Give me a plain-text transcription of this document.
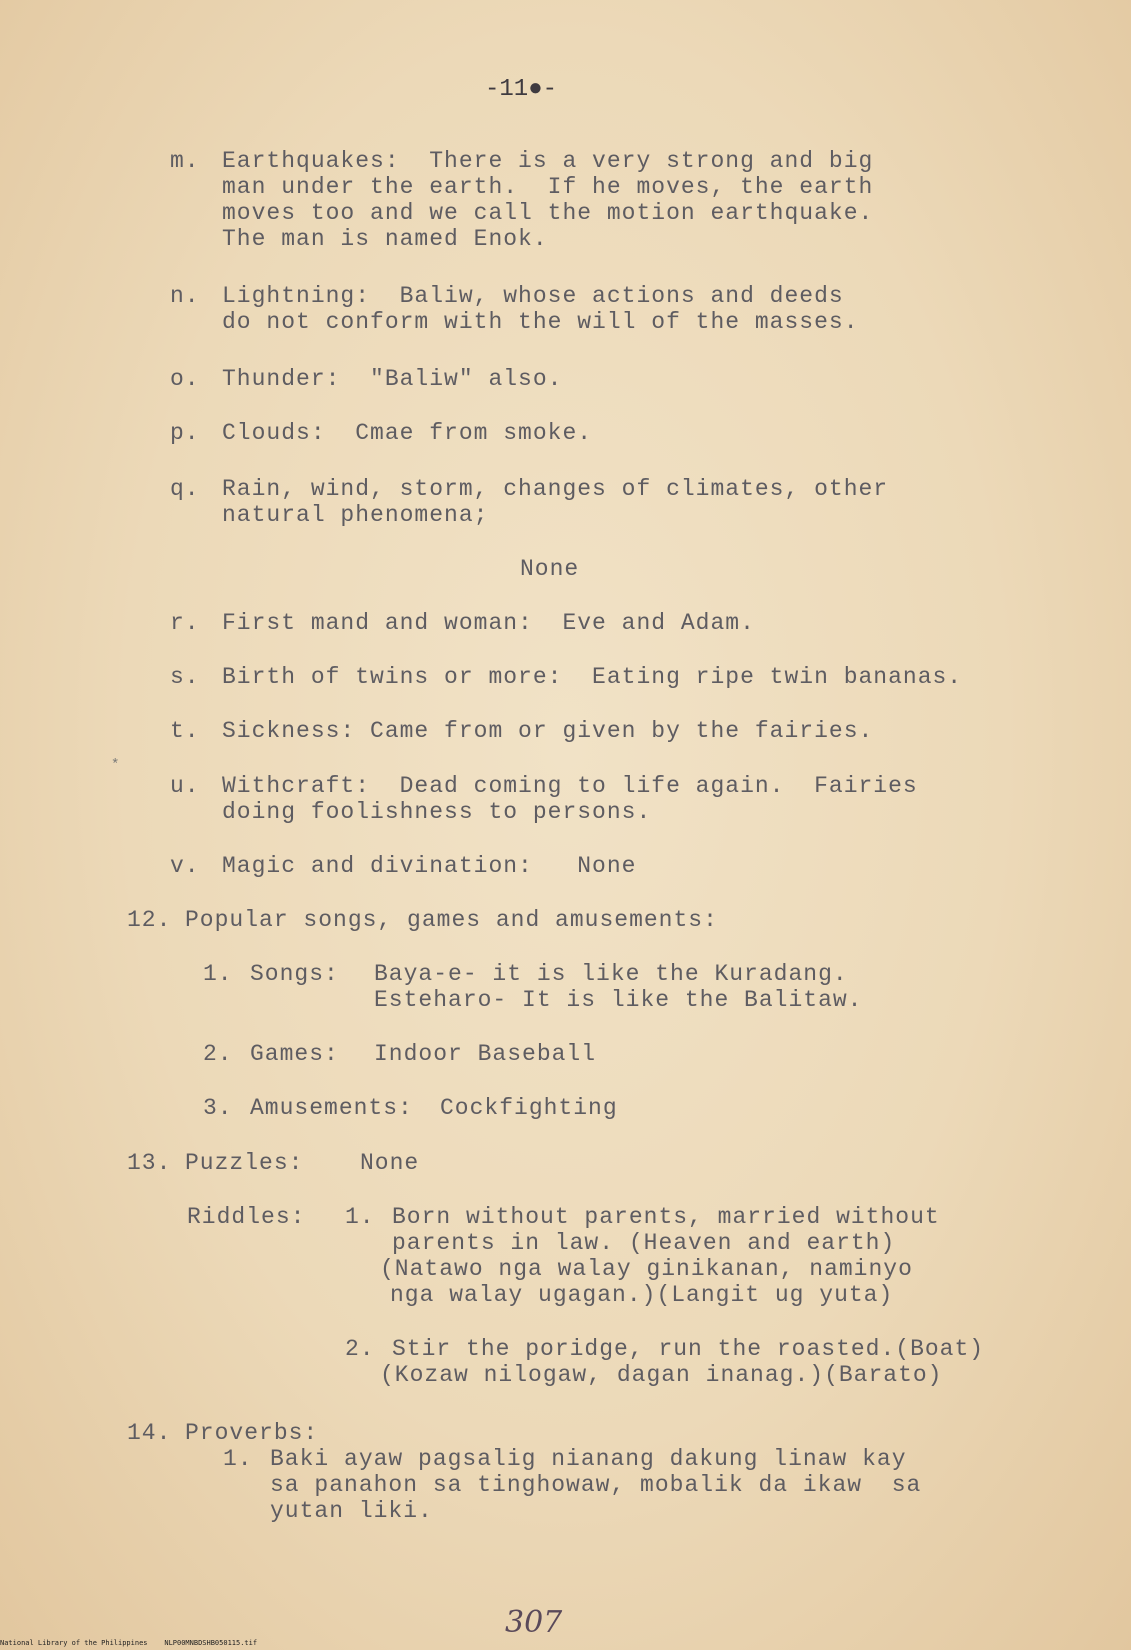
-11●-
m. Earthquakes:  There is a very strong and big
man under the earth.  If he moves, the earth
moves too and we call the motion earthquake.
The man is named Enok.
n. Lightning:  Baliw, whose actions and deeds
do not conform with the will of the masses.
o. Thunder:  "Baliw" also.
p. Clouds:  Cmae from smoke.
q. Rain, wind, storm, changes of climates, other
natural phenomena;
None
r. First mand and woman:  Eve and Adam.
s. Birth of twins or more:  Eating ripe twin bananas.
t. Sickness: Came from or given by the fairies.
u. Withcraft:  Dead coming to life again.  Fairies
doing foolishness to persons.
v. Magic and divination:   None
*
12. Popular songs, games and amusements:
1. Songs: Baya-e- it is like the Kuradang.
Esteharo- It is like the Balitaw.
2. Games: Indoor Baseball
3. Amusements: Cockfighting
13. Puzzles: None
Riddles: 1. Born without parents, married without
parents in law. (Heaven and earth)
(Natawo nga walay ginikanan, naminyo
nga walay ugagan.)(Langit ug yuta)
2. Stir the poridge, run the roasted.(Boat)
(Kozaw nilogaw, dagan inanag.)(Barato)
14. Proverbs:
1. Baki ayaw pagsalig nianang dakung linaw kay
sa panahon sa tinghowaw, mobalik da ikaw  sa
yutan liki.
307
National Library of the Philippines    NLP00MNBDSHB050115.tif
